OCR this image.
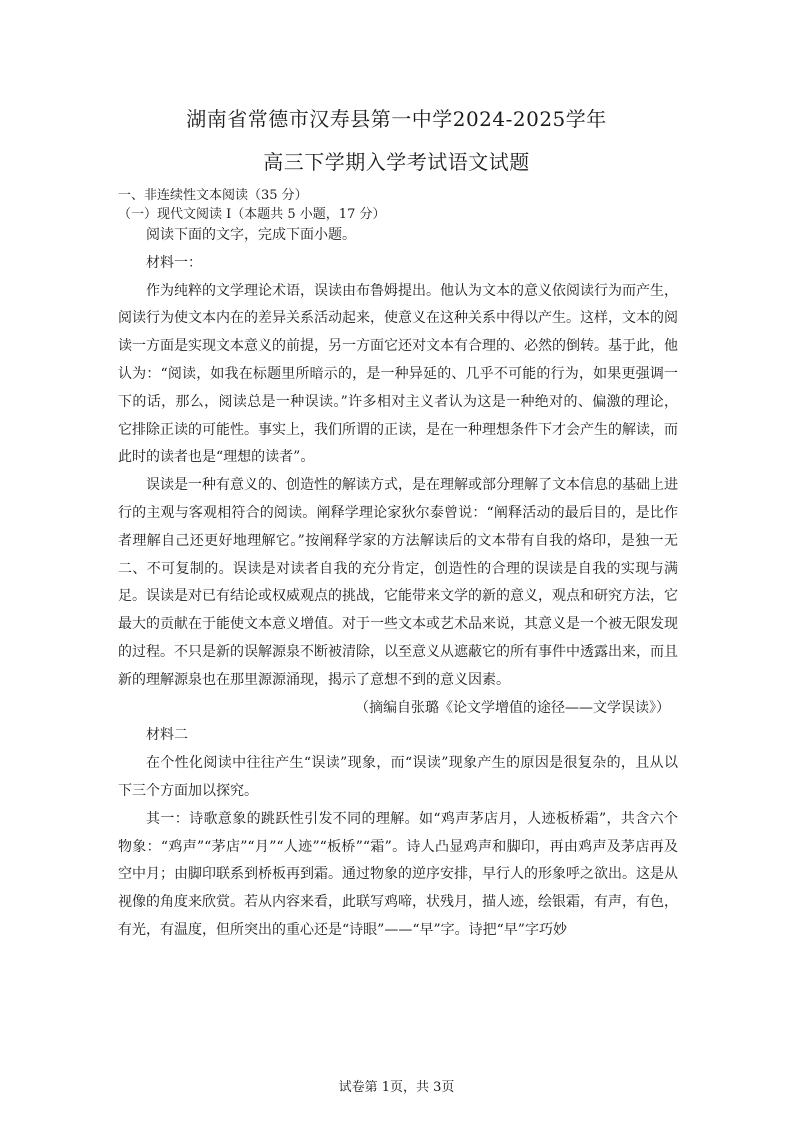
湖南省常德市汉寿县第一中学2024-2025学年
高三下学期入学考试语文试题
一、非连续性文本阅读（35 分）
（一）现代文阅读 I（本题共 5 小题，17 分）

阅读下面的文字，完成下面小题。

材料一：

作为纯粹的文学理论术语，误读由布鲁姆提出。他认为文本的意义依阅读行为而产生，阅读行为使文本内在的差异关系活动起来，使意义在这种关系中得以产生。这样，文本的阅读一方面是实现文本意义的前提，另一方面它还对文本有合理的、必然的倒转。基于此，他认为：“阅读，如我在标题里所暗示的，是一种异延的、几乎不可能的行为，如果更强调一下的话，那么，阅读总是一种误读。”许多相对主义者认为这是一种绝对的、偏激的理论，它排除正读的可能性。事实上，我们所谓的正读，是在一种理想条件下才会产生的解读，而此时的读者也是“理想的读者”。

误读是一种有意义的、创造性的解读方式，是在理解或部分理解了文本信息的基础上进行的主观与客观相符合的阅读。阐释学理论家狄尔泰曾说：“阐释活动的最后目的，是比作者理解自己还更好地理解它。”按阐释学家的方法解读后的文本带有自我的烙印，是独一无二、不可复制的。误读是对读者自我的充分肯定，创造性的合理的误读是自我的实现与满足。误读是对已有结论或权威观点的挑战，它能带来文学的新的意义，观点和研究方法，它最大的贡献在于能使文本意义增值。对于一些文本或艺术品来说，其意义是一个被无限发现的过程。不只是新的误解源泉不断被清除，以至意义从遮蔽它的所有事件中透露出来，而且新的理解源泉也在那里源源涌现，揭示了意想不到的意义因素。

（摘编自张璐《论文学增值的途径——文学误读》）

材料二

在个性化阅读中往往产生“误读”现象，而“误读”现象产生的原因是很复杂的，且从以下三个方面加以探究。

其一：诗歌意象的跳跃性引发不同的理解。如“鸡声茅店月，人迹板桥霜”，共含六个物象：“鸡声”“茅店”“月”“人迹”“板桥”“霜”。诗人凸显鸡声和脚印，再由鸡声及茅店再及空中月；由脚印联系到桥板再到霜。通过物象的逆序安排，早行人的形象呼之欲出。这是从视像的角度来欣赏。若从内容来看，此联写鸡啼，状残月，描人迹，绘银霜，有声，有色，有光，有温度，但所突出的重心还是“诗眼”——“早”字。诗把“早”字巧妙

试卷第 1页，共 3页
